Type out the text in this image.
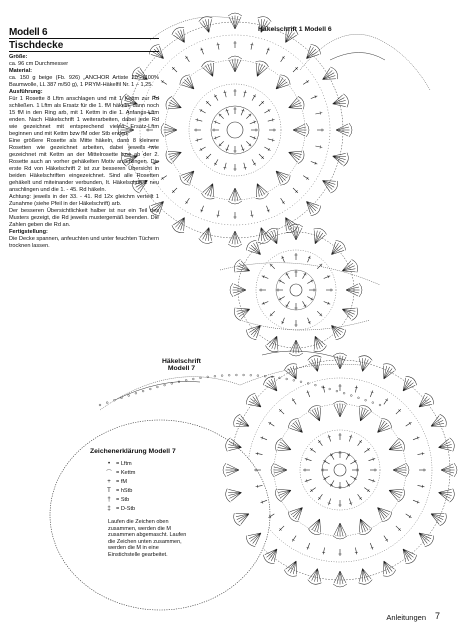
Modell 6
Tischdecke

Größe:
ca. 96 cm Durchmesser

Material:
ca. 150 g beige (Fb. 926) „ANCHOR Artiste 20“ (100% Baumwolle, LL 387 m/50 g), 1 PRYM-Häkelfil Nr. 1 – 1,25.

Ausführung:
Für 1 Rosette 8 Lftm anschlagen und mit 1 Kettm zur Rd schließen. 1 Lftm als Ersatz für die 1. fM häkeln, dann noch 15 fM in den Ring arb, mit 1 Kettm in die 1. Anfangs-Lftm enden. Nach Häkelschrift 1 weiterarbeiten, dabei jede Rd wie gezeichnet mit entsprechend vielen Ersatz-Lftm beginnen und mit Kettm bzw fM oder Stb enden.

Eine größere Rosette als Mitte häkeln, dann 8 kleinere Rosetten wie gezeichnet arbeiten, dabei jeweils wie gezeichnet mit Kettm an der Mittelrosette bzw ab der 2. Rosette auch an vorher gehäkelten Motiv anschlingen. Die erste Rd von Häkelschrift 2 ist zur besseren Übersicht in beiden Häkelschriften eingezeichnet. Sind alle Rosetten gehäkelt und miteinander verbunden, It. Häkelschrift 2 neu anschlingen und die 1. - 45. Rd häkeln.

Achtung: jeweils in der 33. - 41. Rd 12x gleichm verteilt 1 Zunahme (siehe Pfeil in der Häkelschrift) arb.

Der besseren Übersichtlichkeit halber ist nur ein Teil des Musters gezeigt, die Rd jeweils mustergemäß beenden. Die Zahlen geben die Rd an.

Fertigstellung:
Die Decke spannen, anfeuchten und unter feuchten Tüchern trocknen lassen.

Häkelschrift 1 Modell 6
Häkelschrift
Modell 7
Zeichenerklärung Modell 7
•	= Lftm
⌒ = Kettm
+ = fM
T = hStb
† = Stb
‡ = D-Stb
Laufen die Zeichen oben zusammen, werden die M zusammen abgemascht. Laufen die Zeichen unten zusammen, werden die M in eine Einstichstelle gearbeitet.
Anleitungen 7
